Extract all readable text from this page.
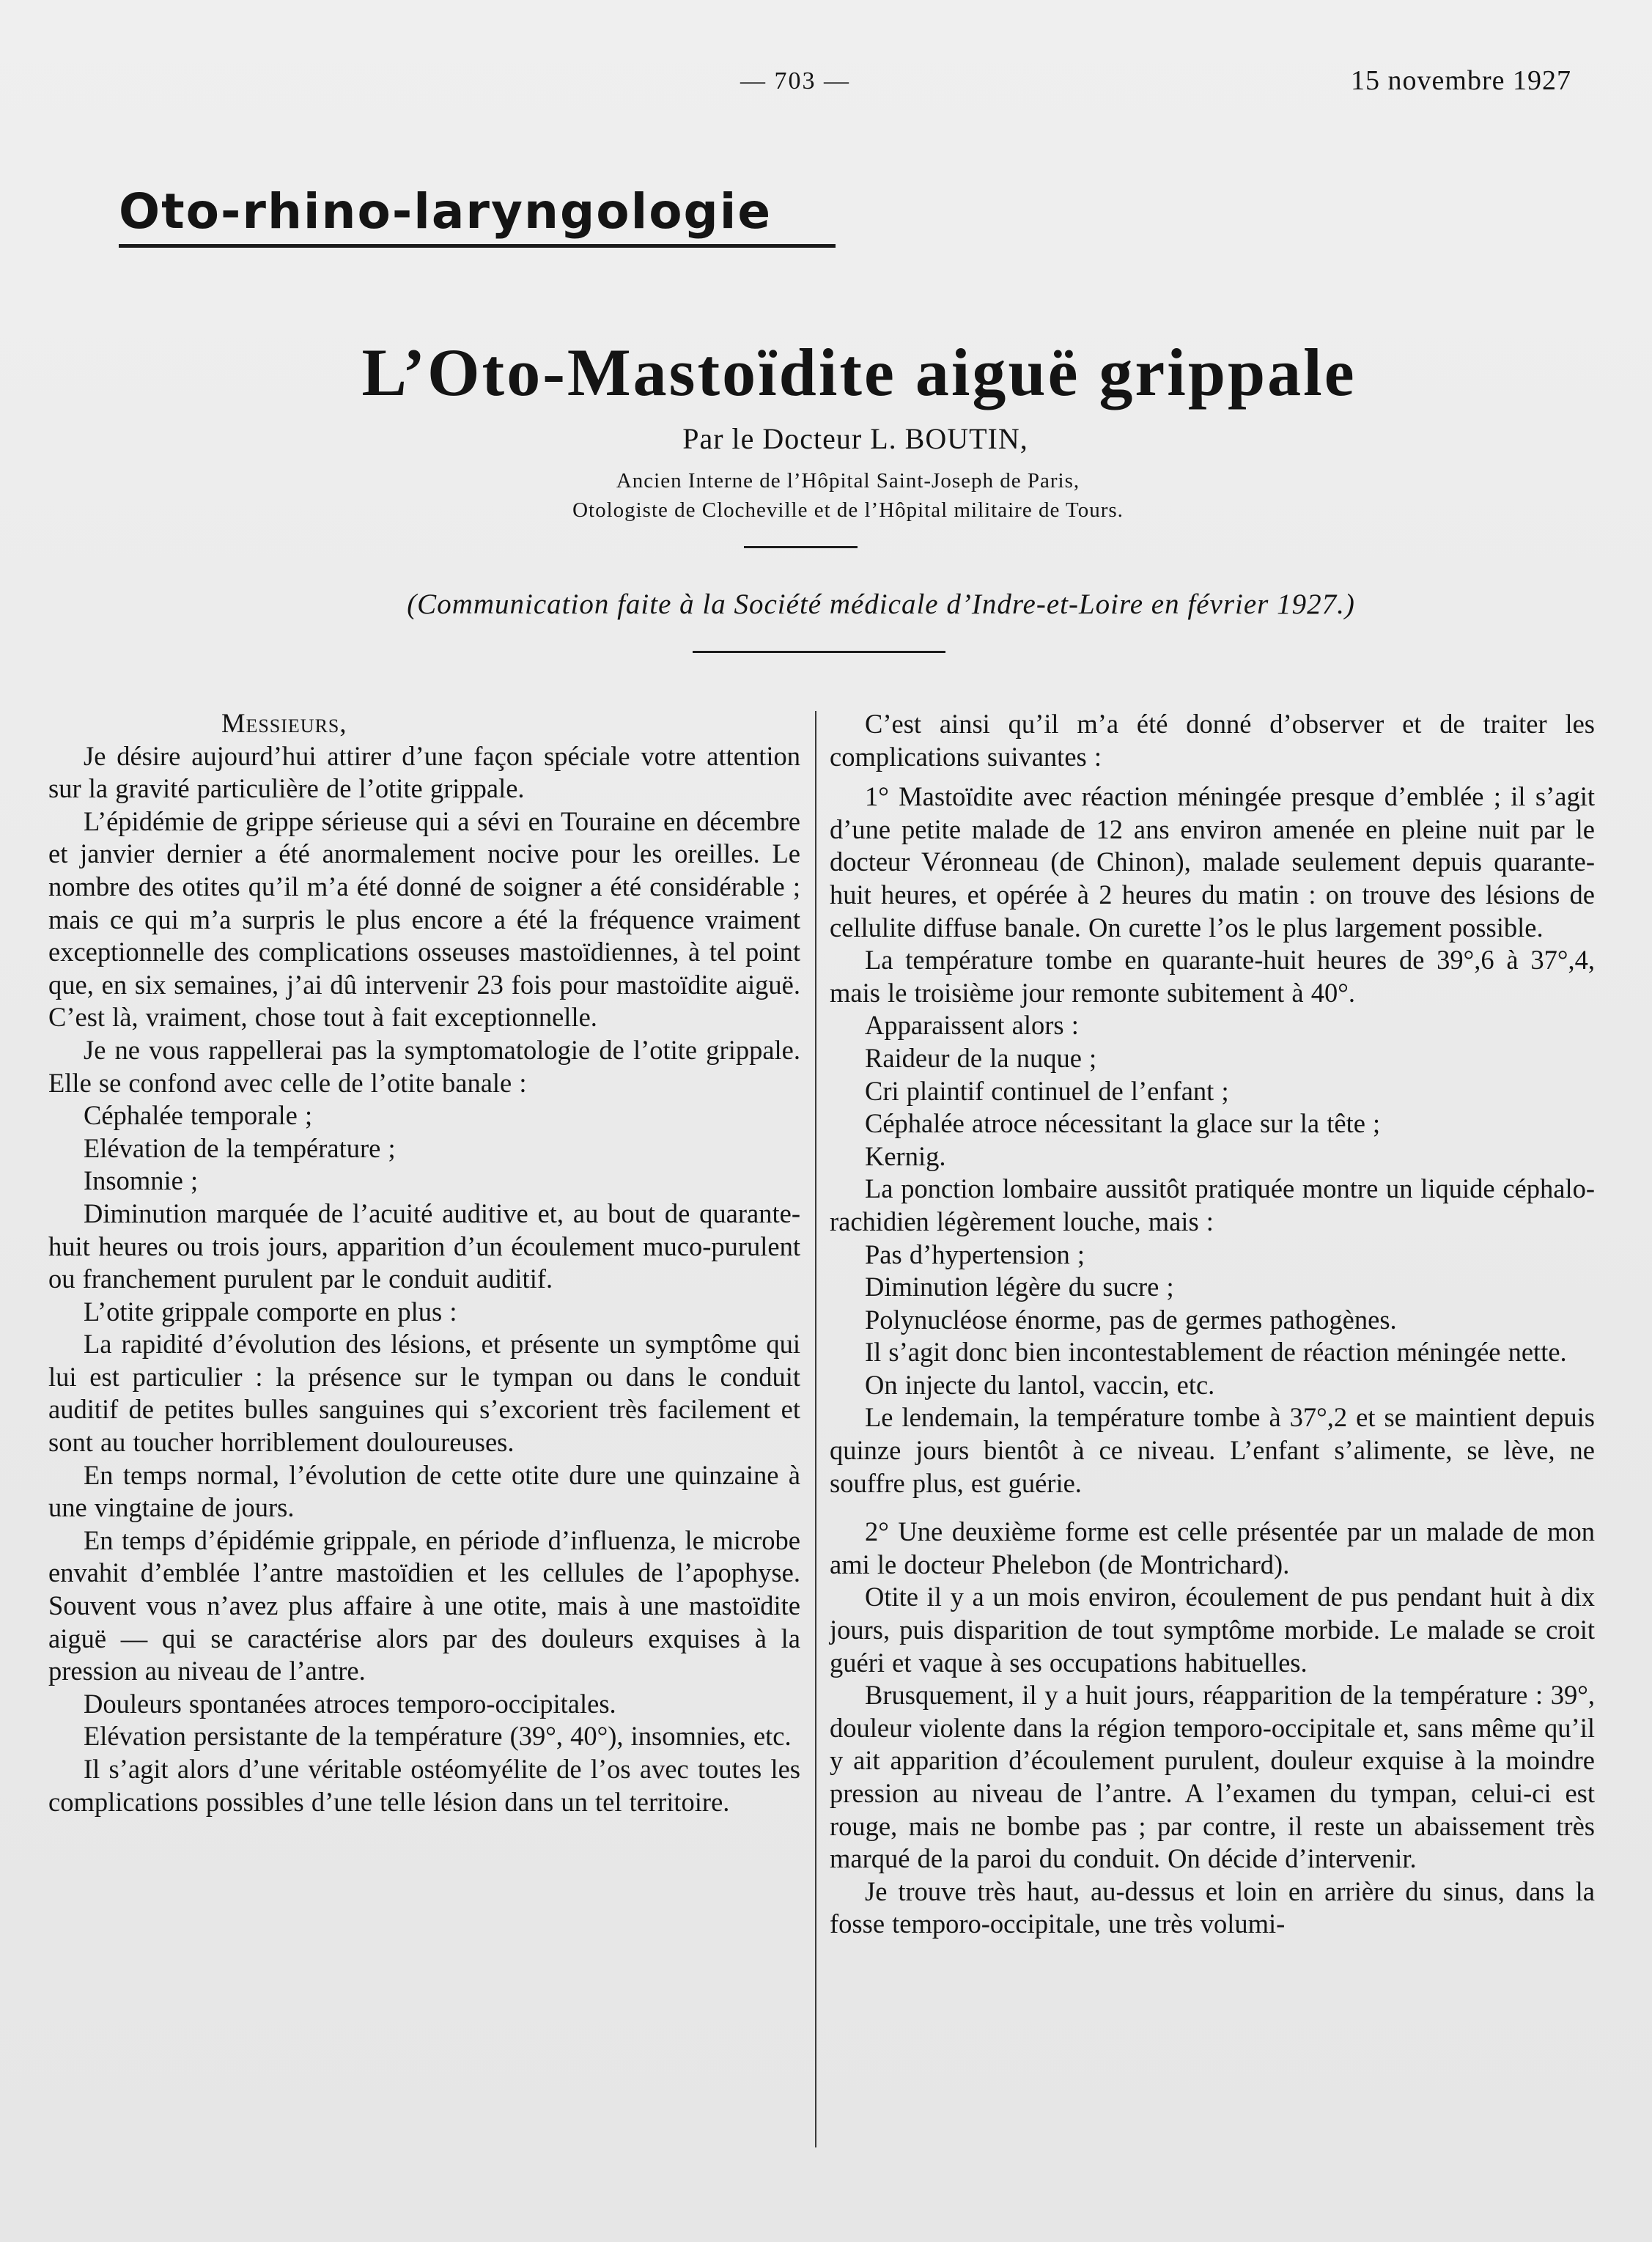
— 703 —	15 novembre 1927
Oto-rhino-laryngologie
L’Oto-Mastoïdite aiguë grippale
Par le Docteur L. BOUTIN,
Ancien Interne de l’Hôpital Saint-Joseph de Paris,
Otologiste de Clocheville et de l’Hôpital militaire de Tours.
(Communication faite à la Société médicale d’Indre-et-Loire en février 1927.)

Messieurs,

Je désire aujourd’hui attirer d’une façon spéciale votre attention sur la gravité particulière de l’otite grippale.

L’épidémie de grippe sérieuse qui a sévi en Touraine en décembre et janvier dernier a été anormalement nocive pour les oreilles. Le nombre des otites qu’il m’a été donné de soigner a été considérable ; mais ce qui m’a surpris le plus encore a été la fréquence vraiment exceptionnelle des complications osseuses mastoïdiennes, à tel point que, en six semaines, j’ai dû intervenir 23 fois pour mastoïdite aiguë. C’est là, vraiment, chose tout à fait exceptionnelle.

Je ne vous rappellerai pas la symptomatologie de l’otite grippale. Elle se confond avec celle de l’otite banale :

Céphalée temporale ;

Elévation de la température ;

Insomnie ;

Diminution marquée de l’acuité auditive et, au bout de quarante-huit heures ou trois jours, apparition d’un écoulement muco-purulent ou franchement purulent par le conduit auditif.

L’otite grippale comporte en plus :

La rapidité d’évolution des lésions, et présente un symptôme qui lui est particulier : la présence sur le tympan ou dans le conduit auditif de petites bulles sanguines qui s’excorient très facilement et sont au toucher horriblement douloureuses.

En temps normal, l’évolution de cette otite dure une quinzaine à une vingtaine de jours.

En temps d’épidémie grippale, en période d’influenza, le microbe envahit d’emblée l’antre mastoïdien et les cellules de l’apophyse. Souvent vous n’avez plus affaire à une otite, mais à une mastoïdite aiguë — qui se caractérise alors par des douleurs exquises à la pression au niveau de l’antre.

Douleurs spontanées atroces temporo-occipitales.

Elévation persistante de la température (39°, 40°), insomnies, etc.

Il s’agit alors d’une véritable ostéomyélite de l’os avec toutes les complications possibles d’une telle lésion dans un tel territoire.

C’est ainsi qu’il m’a été donné d’observer et de traiter les complications suivantes :

1° Mastoïdite avec réaction méningée presque d’emblée ; il s’agit d’une petite malade de 12 ans environ amenée en pleine nuit par le docteur Véronneau (de Chinon), malade seulement depuis quarante-huit heures, et opérée à 2 heures du matin : on trouve des lésions de cellulite diffuse banale. On curette l’os le plus largement possible.

La température tombe en quarante-huit heures de 39°,6 à 37°,4, mais le troisième jour remonte subitement à 40°.

Apparaissent alors :

Raideur de la nuque ;

Cri plaintif continuel de l’enfant ;

Céphalée atroce nécessitant la glace sur la tête ;

Kernig.

La ponction lombaire aussitôt pratiquée montre un liquide céphalo-rachidien légèrement louche, mais :

Pas d’hypertension ;

Diminution légère du sucre ;

Polynucléose énorme, pas de germes pathogènes.

Il s’agit donc bien incontestablement de réaction méningée nette.

On injecte du lantol, vaccin, etc.

Le lendemain, la température tombe à 37°,2 et se maintient depuis quinze jours bientôt à ce niveau. L’enfant s’alimente, se lève, ne souffre plus, est guérie.

2° Une deuxième forme est celle présentée par un malade de mon ami le docteur Phelebon (de Montrichard).

Otite il y a un mois environ, écoulement de pus pendant huit à dix jours, puis disparition de tout symptôme morbide. Le malade se croit guéri et vaque à ses occupations habituelles.

Brusquement, il y a huit jours, réapparition de la température : 39°, douleur violente dans la région temporo-occipitale et, sans même qu’il y ait apparition d’écoulement purulent, douleur exquise à la moindre pression au niveau de l’antre. A l’examen du tympan, celui-ci est rouge, mais ne bombe pas ; par contre, il reste un abaissement très marqué de la paroi du conduit. On décide d’intervenir.

Je trouve très haut, au-dessus et loin en arrière du sinus, dans la fosse temporo-occipitale, une très volumi-
